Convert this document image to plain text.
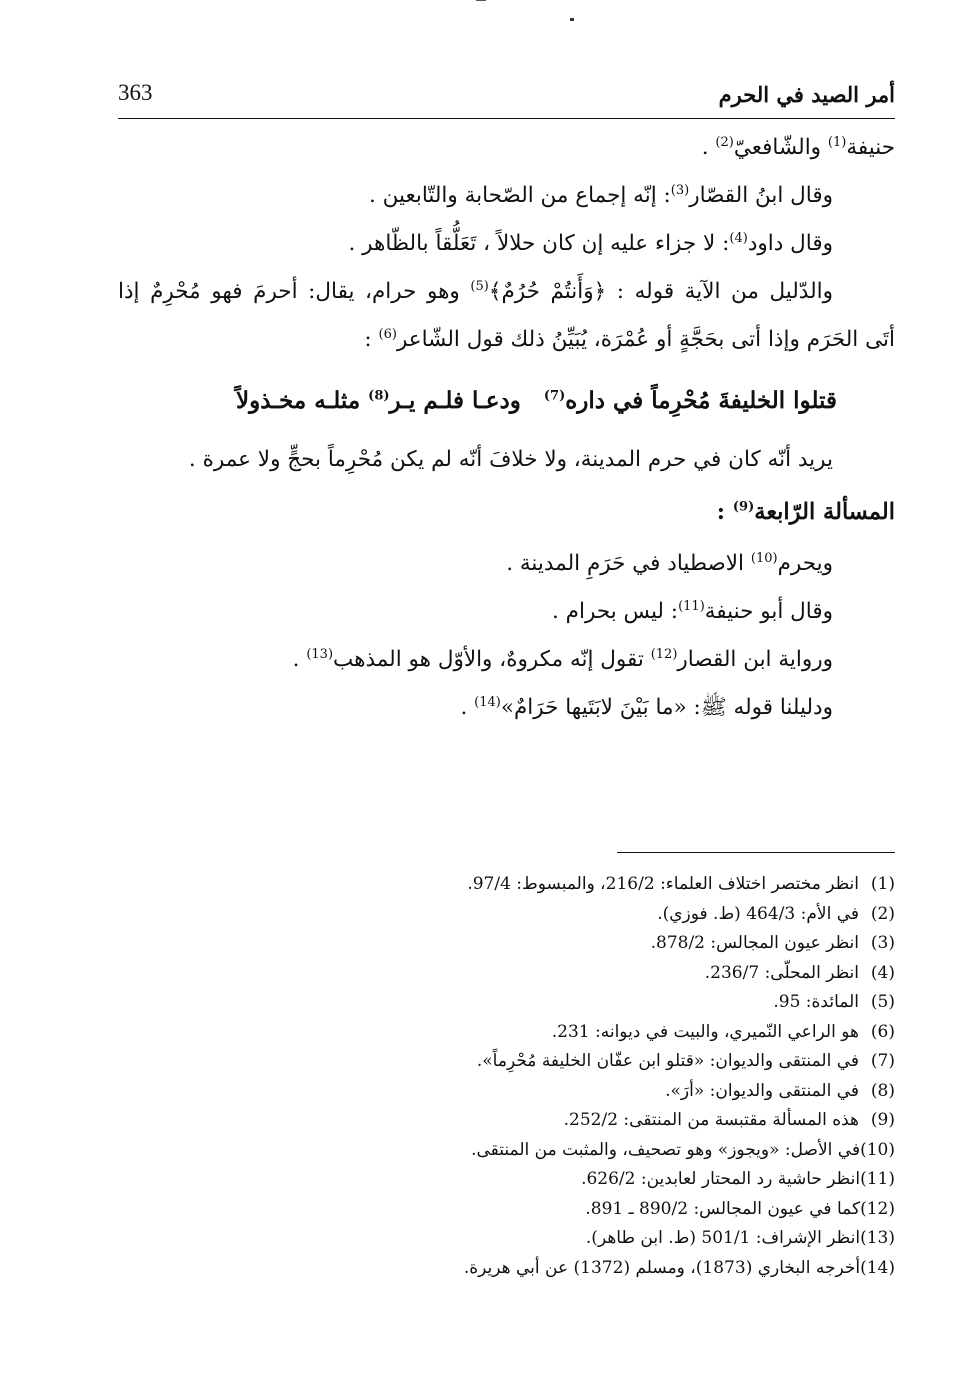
أمر الصيد في الحرم
363
حنيفة$^{(1)}$ والشّافعيّ$^{(2)}$ .
وقال ابنُ القصّار$^{(3)}$: إنّه إجماع من الصّحابة والتّابعين .
وقال داود$^{(4)}$: لا جزاء عليه إن كان حلالاً ، تَعَلُّقاً بالظّاهر .
والدّليل من الآية قوله : ﴿وَأَنتُمْ حُرُمٌ﴾$^{(5)}$ وهو حرام، يقال: أحرمَ فهو مُحْرِمٌ إذا
أتَى الحَرَم وإذا أتى بحَجَّةٍ أو عُمْرَة، يُبَيِّنُ ذلك قول الشّاعر$^{(6)}$ :
قتلوا الخليفةَ مُحْرِماً في داره$^{(7)}$
ودعـا فلـم يـر$^{(8)}$ مثلـه مخـذولاً
يريد أنّه كان في حرم المدينة، ولا خلافَ أنّه لم يكن مُحْرِماً بحجٍّ ولا عمرة .
المسألة الرّابعة$^{(9)}$ :
ويحرم$^{(10)}$ الاصطياد في حَرَمِ المدينة .
وقال أبو حنيفة$^{(11)}$: ليس بحرام .
ورواية ابن القصار$^{(12)}$ تقول إنّه مكروهٌ، والأوّل هو المذهب$^{(13)}$ .
ودليلنا قوله ﷺ: «ما بَيْنَ لابَتَيها حَرَامٌ»$^{(14)}$ .
(1)انظر مختصر اختلاف العلماء: 216/2، والمبسوط: 97/4.
(2)في الأم: 464/3 (ط. فوزي).
(3)انظر عيون المجالس: 878/2.
(4)انظر المحلّى: 236/7.
(5)المائدة: 95.
(6)هو الراعي النّميري، والبيت في ديوانه: 231.
(7)في المنتقى والديوان: «قتلو ابن عفّان الخليفة مُحْرِماً».
(8)في المنتقى والديوان: «أرَ».
(9)هذه المسألة مقتبسة من المنتقى: 252/2.
(10)في الأصل: «ويجوز» وهو تصحيف، والمثبت من المنتقى.
(11)انظر حاشية رد المحتار لعابدين: 626/2.
(12)كما في عيون المجالس: 890/2 ـ 891.
(13)انظر الإشراف: 501/1 (ط. ابن طاهر).
(14)أخرجه البخاري (1873)، ومسلم (1372) عن أبي هريرة.
